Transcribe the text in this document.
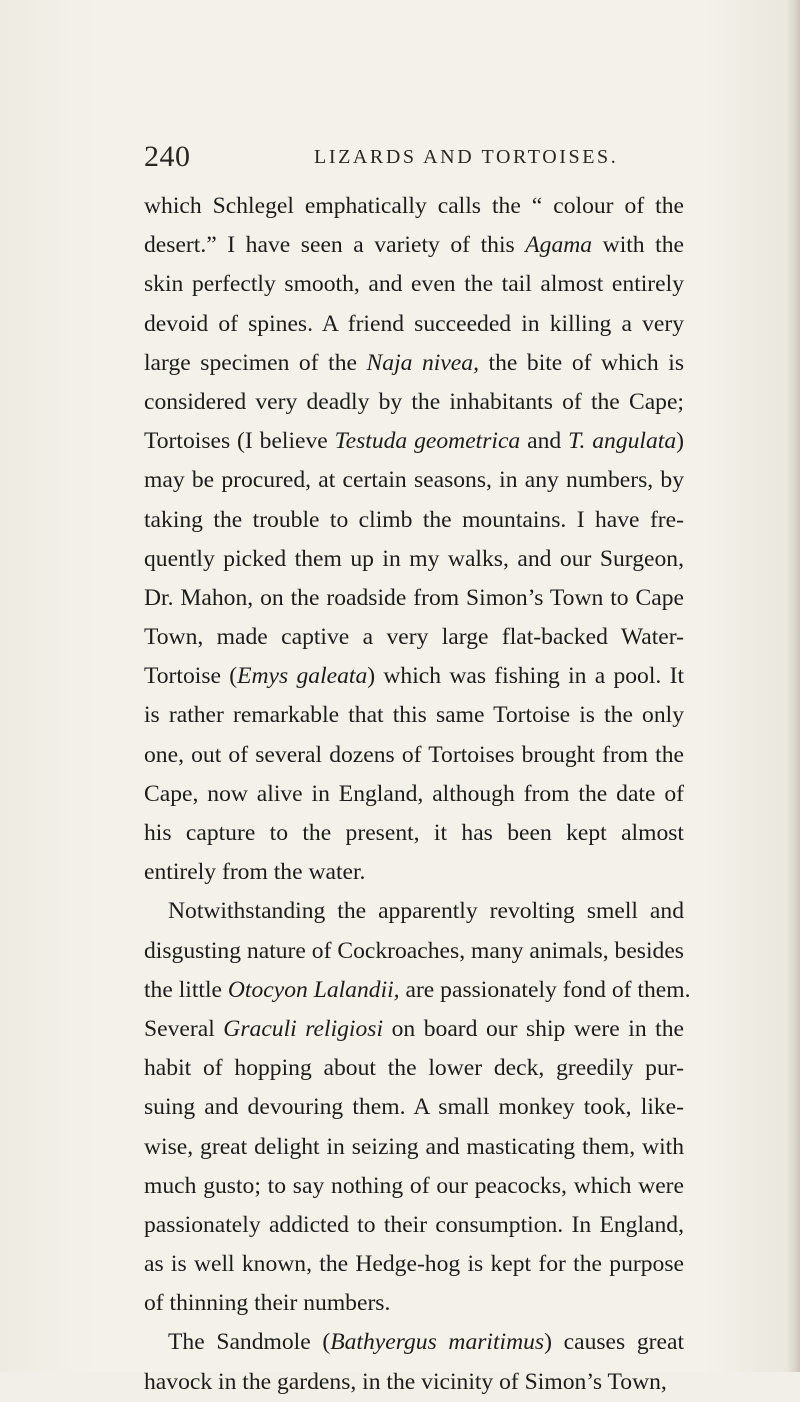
240	LIZARDS AND TORTOISES.
which Schlegel emphatically calls the “ colour of the
desert.” I have seen a variety of this Agama with the
skin perfectly smooth, and even the tail almost entirely
devoid of spines. A friend succeeded in killing a very
large specimen of the Naja nivea, the bite of which is
considered very deadly by the inhabitants of the Cape;
Tortoises (I believe Testuda geometrica and T. angulata)
may be procured, at certain seasons, in any numbers, by
taking the trouble to climb the mountains. I have fre-
quently picked them up in my walks, and our Surgeon,
Dr. Mahon, on the roadside from Simon’s Town to Cape
Town, made captive a very large flat-backed Water-
Tortoise (Emys galeata) which was fishing in a pool. It
is rather remarkable that this same Tortoise is the only
one, out of several dozens of Tortoises brought from the
Cape, now alive in England, although from the date of
his capture to the present, it has been kept almost
entirely from the water.
Notwithstanding the apparently revolting smell and
disgusting nature of Cockroaches, many animals, besides
the little Otocyon Lalandii, are passionately fond of them.
Several Graculi religiosi on board our ship were in the
habit of hopping about the lower deck, greedily pur-
suing and devouring them. A small monkey took, like-
wise, great delight in seizing and masticating them, with
much gusto; to say nothing of our peacocks, which were
passionately addicted to their consumption. In England,
as is well known, the Hedge-hog is kept for the purpose
of thinning their numbers.
The Sandmole (Bathyergus maritimus) causes great
havock in the gardens, in the vicinity of Simon’s Town,
